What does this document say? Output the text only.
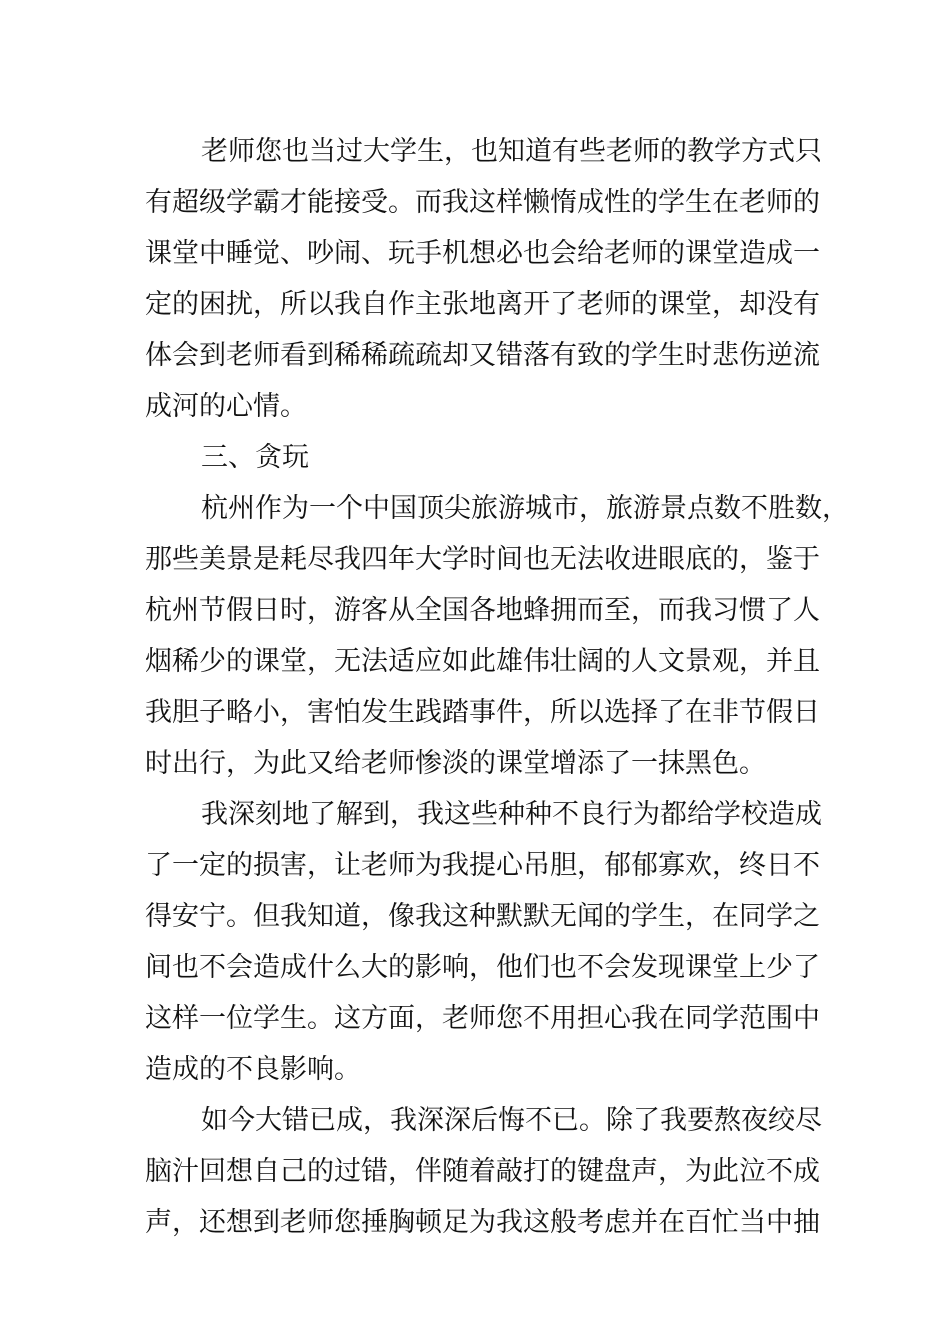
老师您也当过大学生，也知道有些老师的教学方式只
有超级学霸才能接受。而我这样懒惰成性的学生在老师的
课堂中睡觉、吵闹、玩手机想必也会给老师的课堂造成一
定的困扰，所以我自作主张地离开了老师的课堂，却没有
体会到老师看到稀稀疏疏却又错落有致的学生时悲伤逆流
成河的心情。
三、贪玩
杭州作为一个中国顶尖旅游城市，旅游景点数不胜数，
那些美景是耗尽我四年大学时间也无法收进眼底的，鉴于
杭州节假日时，游客从全国各地蜂拥而至，而我习惯了人
烟稀少的课堂，无法适应如此雄伟壮阔的人文景观，并且
我胆子略小，害怕发生践踏事件，所以选择了在非节假日
时出行，为此又给老师惨淡的课堂增添了一抹黑色。
我深刻地了解到，我这些种种不良行为都给学校造成
了一定的损害，让老师为我提心吊胆，郁郁寡欢，终日不
得安宁。但我知道，像我这种默默无闻的学生，在同学之
间也不会造成什么大的影响，他们也不会发现课堂上少了
这样一位学生。这方面，老师您不用担心我在同学范围中
造成的不良影响。
如今大错已成，我深深后悔不已。除了我要熬夜绞尽
脑汁回想自己的过错，伴随着敲打的键盘声，为此泣不成
声，还想到老师您捶胸顿足为我这般考虑并在百忙当中抽
